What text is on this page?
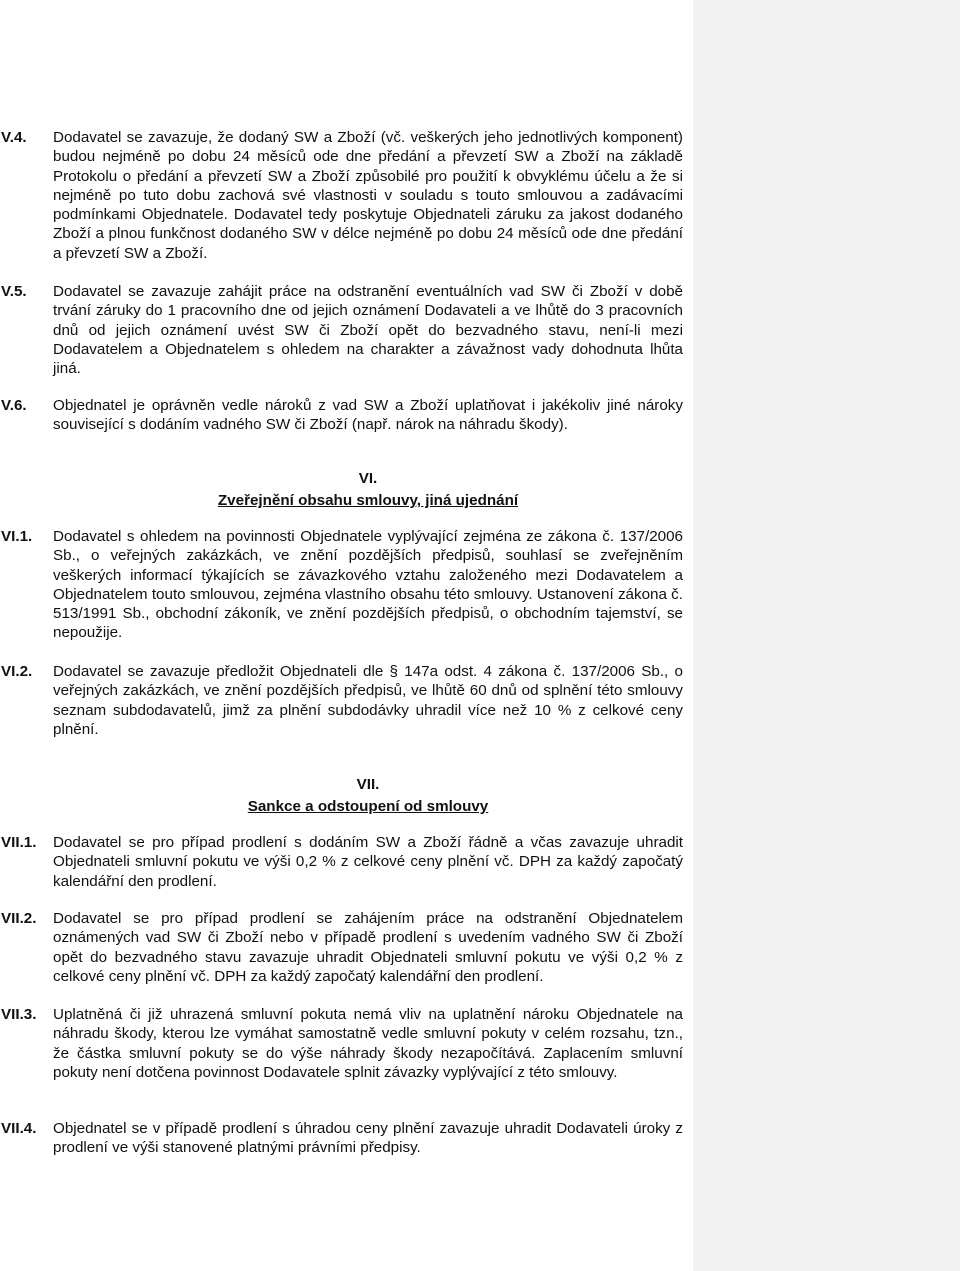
V.4. Dodavatel se zavazuje, že dodaný SW a Zboží (vč. veškerých jeho jednotlivých komponent) budou nejméně po dobu 24 měsíců ode dne předání a převzetí SW a Zboží na základě Protokolu o předání a převzetí SW a Zboží způsobilé pro použití k obvyklému účelu a že si nejméně po tuto dobu zachová své vlastnosti v souladu s touto smlouvou a zadávacími podmínkami Objednatele. Dodavatel tedy poskytuje Objednateli záruku za jakost dodaného Zboží a plnou funkčnost dodaného SW v délce nejméně po dobu 24 měsíců ode dne předání a převzetí SW a Zboží.
V.5. Dodavatel se zavazuje zahájit práce na odstranění eventuálních vad SW či Zboží v době trvání záruky do 1 pracovního dne od jejich oznámení Dodavateli a ve lhůtě do 3 pracovních dnů od jejich oznámení uvést SW či Zboží opět do bezvadného stavu, není-li mezi Dodavatelem a Objednatelem s ohledem na charakter a závažnost vady dohodnuta lhůta jiná.
V.6. Objednatel je oprávněn vedle nároků z vad SW a Zboží uplatňovat i jakékoliv jiné nároky související s dodáním vadného SW či Zboží (např. nárok na náhradu škody).
VI.
Zveřejnění obsahu smlouvy, jiná ujednání
VI.1. Dodavatel s ohledem na povinnosti Objednatele vyplývající zejména ze zákona č. 137/2006 Sb., o veřejných zakázkách, ve znění pozdějších předpisů, souhlasí se zveřejněním veškerých informací týkajících se závazkového vztahu založeného mezi Dodavatelem a Objednatelem touto smlouvou, zejména vlastního obsahu této smlouvy. Ustanovení zákona č. 513/1991 Sb., obchodní zákoník, ve znění pozdějších předpisů, o obchodním tajemství, se nepoužije.
VI.2. Dodavatel se zavazuje předložit Objednateli dle § 147a odst. 4 zákona č. 137/2006 Sb., o veřejných zakázkách, ve znění pozdějších předpisů, ve lhůtě 60 dnů od splnění této smlouvy seznam subdodavatelů, jimž za plnění subdodávky uhradil více než 10 % z celkové ceny plnění.
VII.
Sankce a odstoupení od smlouvy
VII.1. Dodavatel se pro případ prodlení s dodáním SW a Zboží řádně a včas zavazuje uhradit Objednateli smluvní pokutu ve výši 0,2 % z celkové ceny plnění vč. DPH za každý započatý kalendářní den prodlení.
VII.2. Dodavatel se pro případ prodlení se zahájením práce na odstranění Objednatelem oznámených vad SW či Zboží nebo v případě prodlení s uvedením vadného SW či Zboží opět do bezvadného stavu zavazuje uhradit Objednateli smluvní pokutu ve výši 0,2 % z celkové ceny plnění vč. DPH za každý započatý kalendářní den prodlení.
VII.3. Uplatněná či již uhrazená smluvní pokuta nemá vliv na uplatnění nároku Objednatele na náhradu škody, kterou lze vymáhat samostatně vedle smluvní pokuty v celém rozsahu, tzn., že částka smluvní pokuty se do výše náhrady škody nezapočítává. Zaplacením smluvní pokuty není dotčena povinnost Dodavatele splnit závazky vyplývající z této smlouvy.
VII.4. Objednatel se v případě prodlení s úhradou ceny plnění zavazuje uhradit Dodavateli úroky z prodlení ve výši stanovené platnými právními předpisy.
